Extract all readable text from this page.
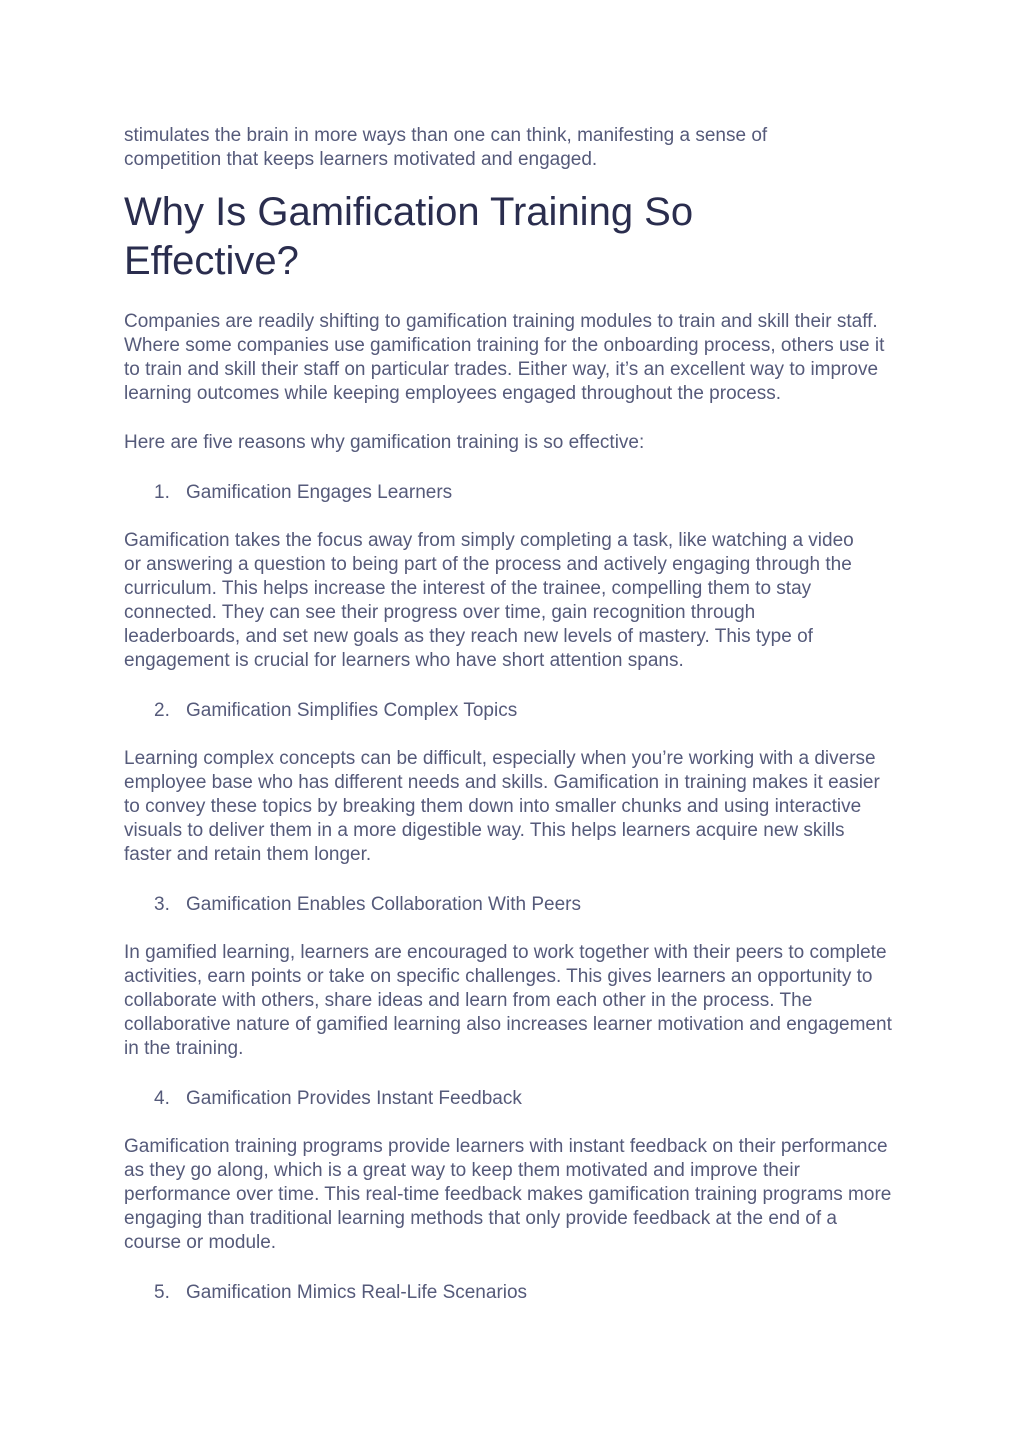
stimulates the brain in more ways than one can think, manifesting a sense of competition that keeps learners motivated and engaged.

Why Is Gamification Training So Effective?

Companies are readily shifting to gamification training modules to train and skill their staff. Where some companies use gamification training for the onboarding process, others use it to train and skill their staff on particular trades. Either way, it’s an excellent way to improve learning outcomes while keeping employees engaged throughout the process.

Here are five reasons why gamification training is so effective:

1. Gamification Engages Learners

Gamification takes the focus away from simply completing a task, like watching a video or answering a question to being part of the process and actively engaging through the curriculum. This helps increase the interest of the trainee, compelling them to stay connected. They can see their progress over time, gain recognition through leaderboards, and set new goals as they reach new levels of mastery. This type of engagement is crucial for learners who have short attention spans.

2. Gamification Simplifies Complex Topics

Learning complex concepts can be difficult, especially when you’re working with a diverse employee base who has different needs and skills. Gamification in training makes it easier to convey these topics by breaking them down into smaller chunks and using interactive visuals to deliver them in a more digestible way. This helps learners acquire new skills faster and retain them longer.

3. Gamification Enables Collaboration With Peers

In gamified learning, learners are encouraged to work together with their peers to complete activities, earn points or take on specific challenges. This gives learners an opportunity to collaborate with others, share ideas and learn from each other in the process. The collaborative nature of gamified learning also increases learner motivation and engagement in the training.

4. Gamification Provides Instant Feedback

Gamification training programs provide learners with instant feedback on their performance as they go along, which is a great way to keep them motivated and improve their performance over time. This real-time feedback makes gamification training programs more engaging than traditional learning methods that only provide feedback at the end of a course or module.

5. Gamification Mimics Real-Life Scenarios
